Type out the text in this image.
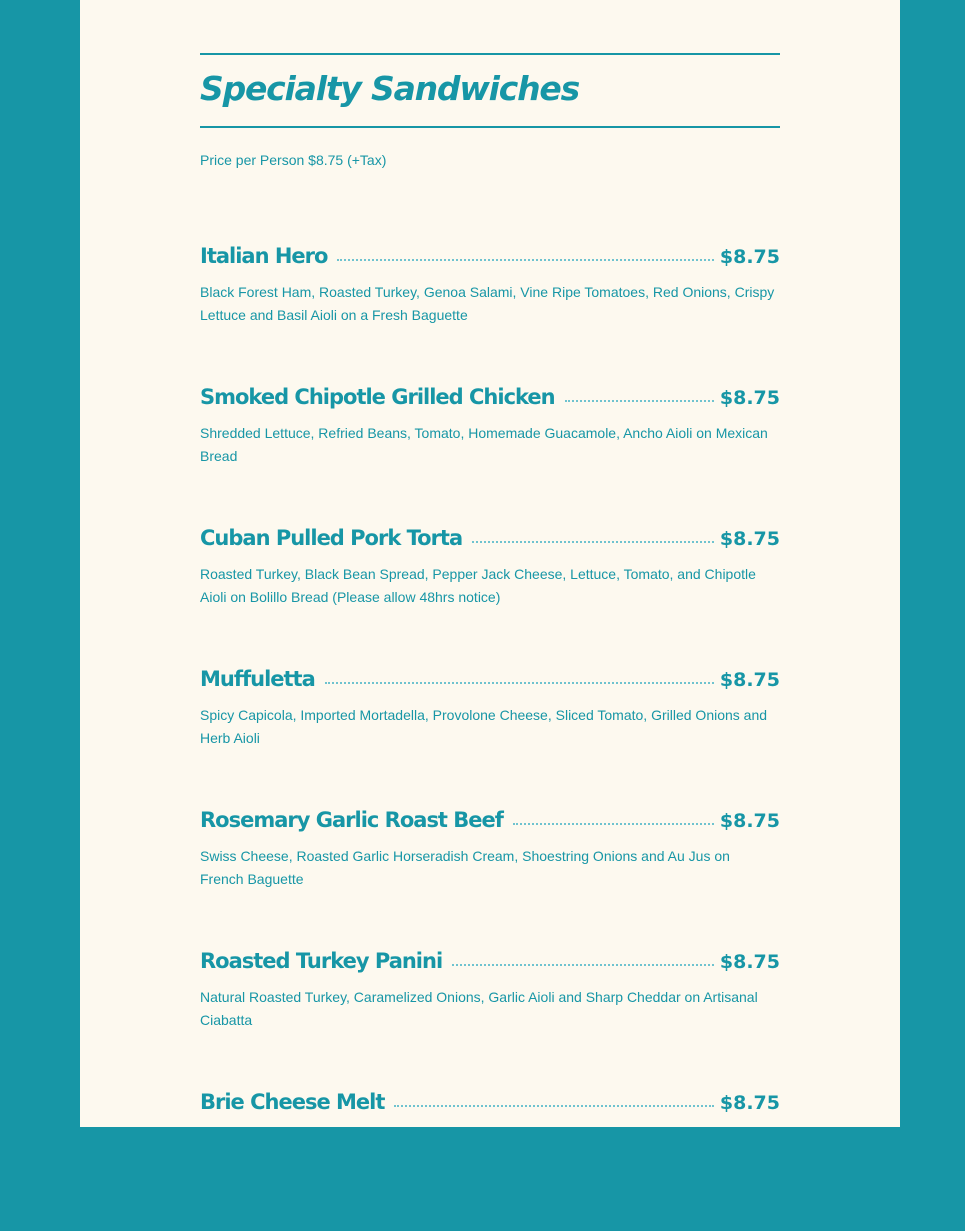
Specialty Sandwiches
Price per Person $8.75 (+Tax)
Italian Hero	$8.75
Black Forest Ham, Roasted Turkey, Genoa Salami, Vine Ripe Tomatoes, Red Onions, Crispy Lettuce and Basil Aioli on a Fresh Baguette
Smoked Chipotle Grilled Chicken	$8.75
Shredded Lettuce, Refried Beans, Tomato, Homemade Guacamole, Ancho Aioli on Mexican Bread
Cuban Pulled Pork Torta	$8.75
Roasted Turkey, Black Bean Spread, Pepper Jack Cheese, Lettuce, Tomato, and Chipotle Aioli on Bolillo Bread (Please allow 48hrs notice)
Muffuletta	$8.75
Spicy Capicola, Imported Mortadella, Provolone Cheese, Sliced Tomato, Grilled Onions and Herb Aioli
Rosemary Garlic Roast Beef	$8.75
Swiss Cheese, Roasted Garlic Horseradish Cream, Shoestring Onions and Au Jus on French Baguette
Roasted Turkey Panini	$8.75
Natural Roasted Turkey, Caramelized Onions, Garlic Aioli and Sharp Cheddar on Artisanal Ciabatta
Brie Cheese Melt	$8.75
